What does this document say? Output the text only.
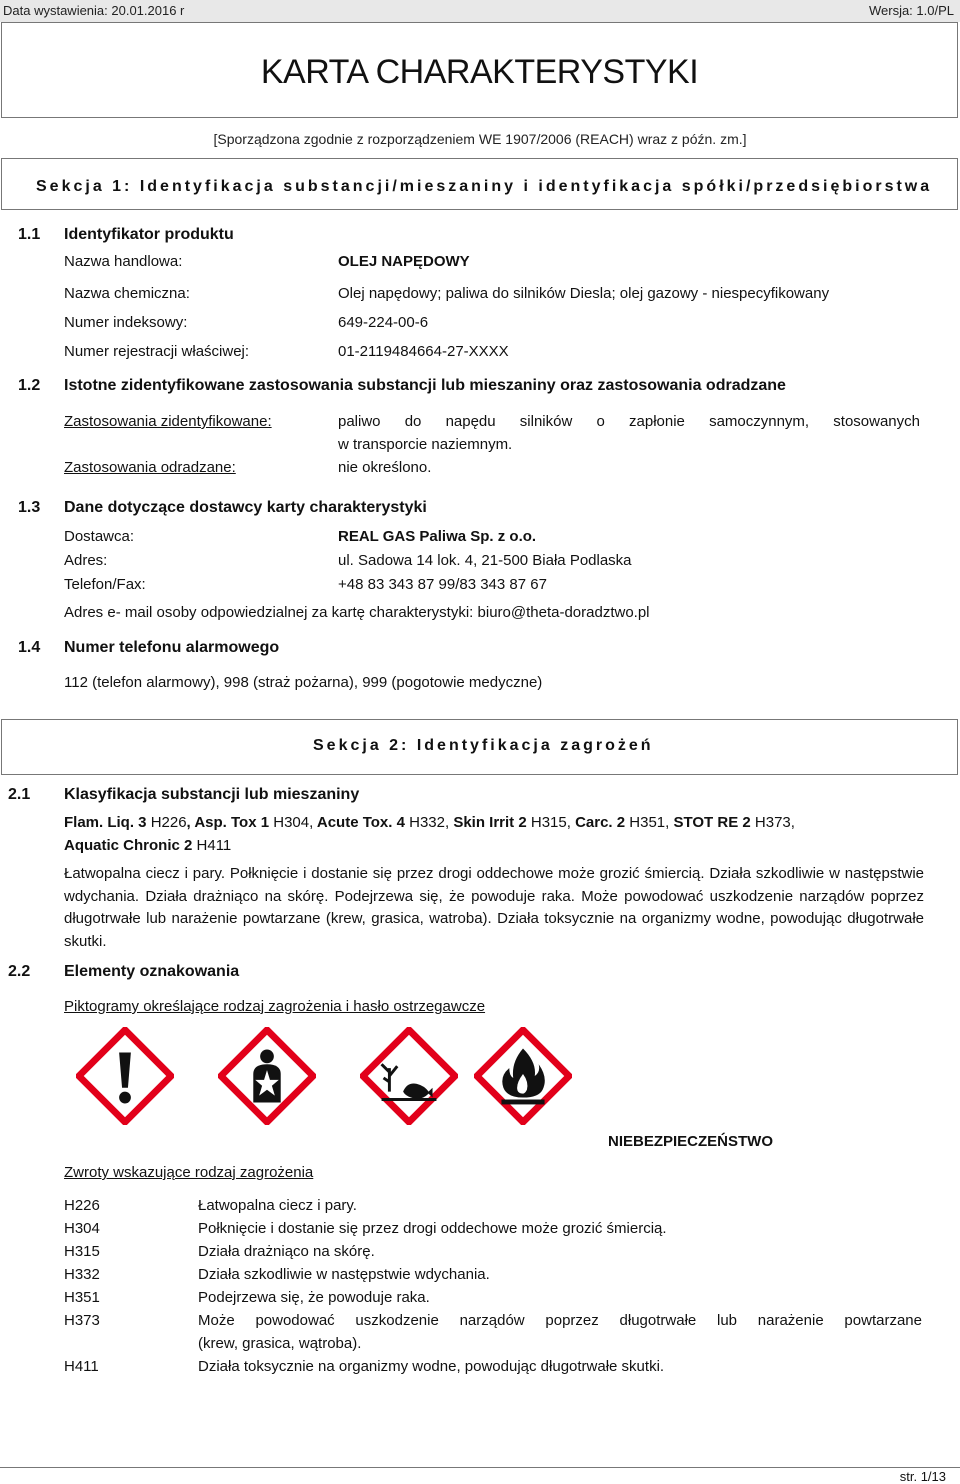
Data wystawienia: 20.01.2016 r	Wersja: 1.0/PL
KARTA CHARAKTERYSTYKI
[Sporządzona zgodnie z rozporządzeniem WE 1907/2006 (REACH) wraz z późn. zm.]
Sekcja 1: Identyfikacja substancji/mieszaniny i identyfikacja spółki/przedsiębiorstwa
1.1 Identyfikator produktu
Nazwa handlowa:	OLEJ NAPĘDOWY
Nazwa chemiczna:	Olej napędowy; paliwa do silników Diesla; olej gazowy - niespecyfikowany
Numer indeksowy:	649-224-00-6
Numer rejestracji właściwej:	01-2119484664-27-XXXX
1.2 Istotne zidentyfikowane zastosowania substancji lub mieszaniny oraz zastosowania odradzane
Zastosowania zidentyfikowane:	paliwo do napędu silników o zapłonie samoczynnym, stosowanych
w transporcie naziemnym.
Zastosowania odradzane:	nie określono.
1.3 Dane dotyczące dostawcy karty charakterystyki
Dostawca:	REAL GAS Paliwa Sp. z o.o.
Adres:	ul. Sadowa 14 lok. 4, 21-500 Biała Podlaska
Telefon/Fax:	+48 83 343 87 99/83 343 87 67
Adres e- mail osoby odpowiedzialnej za kartę charakterystyki: biuro@theta-doradztwo.pl
1.4 Numer telefonu alarmowego
112 (telefon alarmowy), 998 (straż pożarna), 999 (pogotowie medyczne)
Sekcja 2: Identyfikacja zagrożeń
2.1 Klasyfikacja substancji lub mieszaniny
Flam. Liq. 3 H226, Asp. Tox 1 H304, Acute Tox. 4 H332, Skin Irrit 2 H315, Carc. 2 H351, STOT RE 2 H373,
Aquatic Chronic 2 H411
Łatwopalna ciecz i pary. Połknięcie i dostanie się przez drogi oddechowe może grozić śmiercią. Działa szkodliwie w następstwie wdychania. Działa drażniąco na skórę. Podejrzewa się, że powoduje raka. Może powodować uszkodzenie narządów poprzez długotrwałe lub narażenie powtarzane (krew, grasica, watroba). Działa toksycznie na organizmy wodne, powodując długotrwałe skutki.
2.2 Elementy oznakowania
Piktogramy określające rodzaj zagrożenia i hasło ostrzegawcze
NIEBEZPIECZEŃSTWO
Zwroty wskazujące rodzaj zagrożenia
H226	Łatwopalna ciecz i pary.
H304	Połknięcie i dostanie się przez drogi oddechowe może grozić śmiercią.
H315	Działa drażniąco na skórę.
H332	Działa szkodliwie w następstwie wdychania.
H351	Podejrzewa się, że powoduje raka.
H373	Może powodować uszkodzenie narządów poprzez długotrwałe lub narażenie powtarzane
(krew, grasica, wątroba).
H411	Działa toksycznie na organizmy wodne, powodując długotrwałe skutki.
str. 1/13
